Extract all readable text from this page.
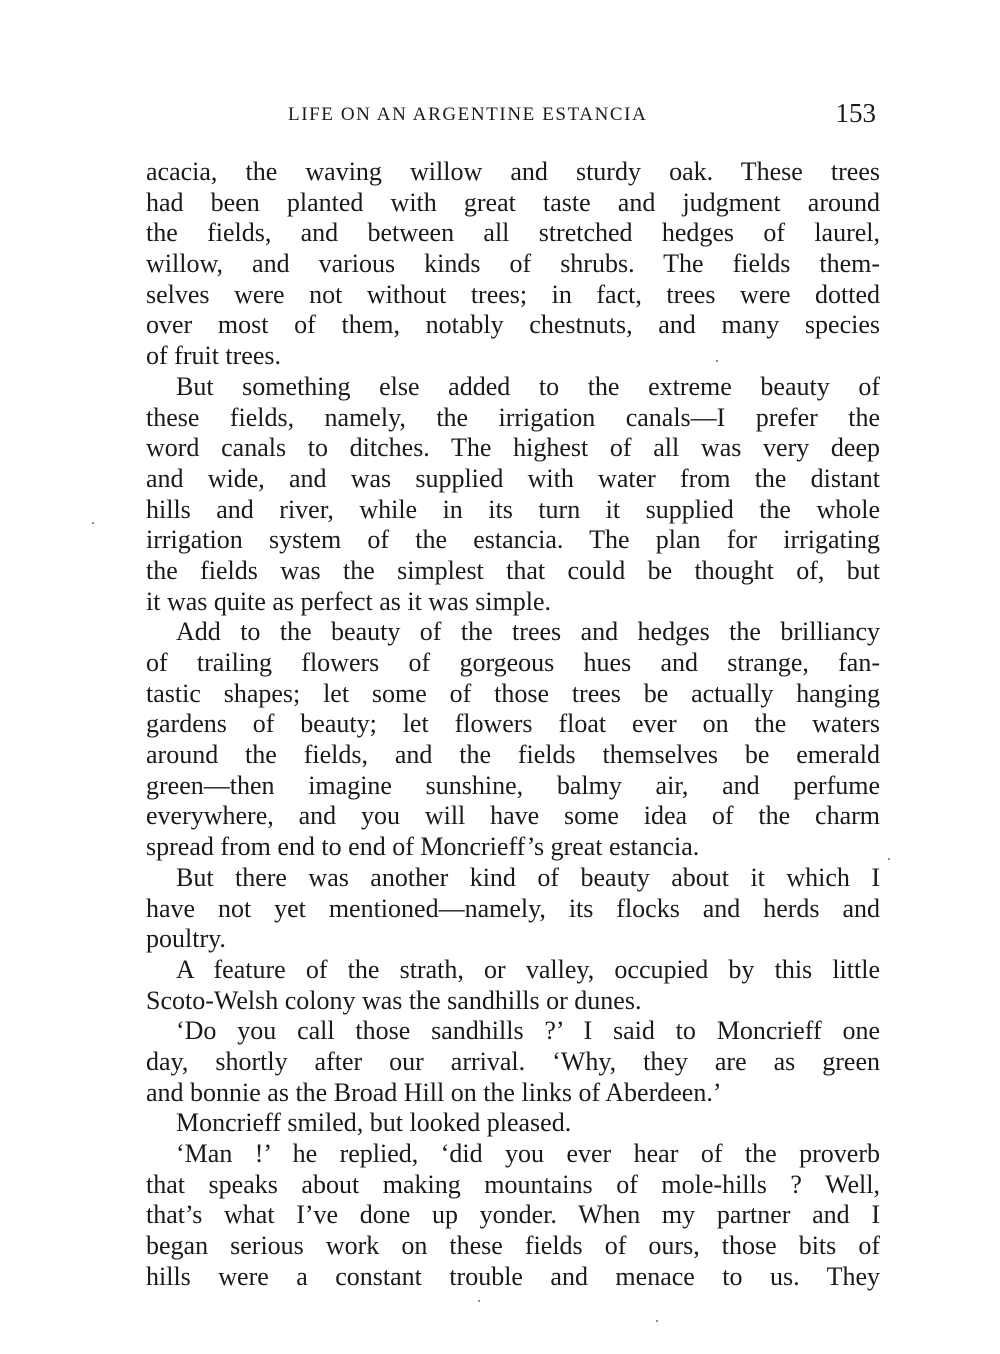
LIFE ON AN ARGENTINE ESTANCIA	153
acacia, the waving willow and sturdy oak. These trees
had been planted with great taste and judgment around
the fields, and between all stretched hedges of laurel,
willow, and various kinds of shrubs. The fields them-
selves were not without trees; in fact, trees were dotted
over most of them, notably chestnuts, and many species
of fruit trees.
But something else added to the extreme beauty of
these fields, namely, the irrigation canals—I prefer the
word canals to ditches. The highest of all was very deep
and wide, and was supplied with water from the distant
hills and river, while in its turn it supplied the whole
irrigation system of the estancia. The plan for irrigating
the fields was the simplest that could be thought of, but
it was quite as perfect as it was simple.
Add to the beauty of the trees and hedges the brilliancy
of trailing flowers of gorgeous hues and strange, fan-
tastic shapes; let some of those trees be actually hanging
gardens of beauty; let flowers float ever on the waters
around the fields, and the fields themselves be emerald
green—then imagine sunshine, balmy air, and perfume
everywhere, and you will have some idea of the charm
spread from end to end of Moncrieff’s great estancia.
But there was another kind of beauty about it which I
have not yet mentioned—namely, its flocks and herds and
poultry.
A feature of the strath, or valley, occupied by this little
Scoto-Welsh colony was the sandhills or dunes.
‘Do you call those sandhills ?’ I said to Moncrieff one
day, shortly after our arrival. ‘Why, they are as green
and bonnie as the Broad Hill on the links of Aberdeen.’
Moncrieff smiled, but looked pleased.
‘Man !’ he replied, ‘did you ever hear of the proverb
that speaks about making mountains of mole-hills ? Well,
that’s what I’ve done up yonder. When my partner and I
began serious work on these fields of ours, those bits of
hills were a constant trouble and menace to us. They
